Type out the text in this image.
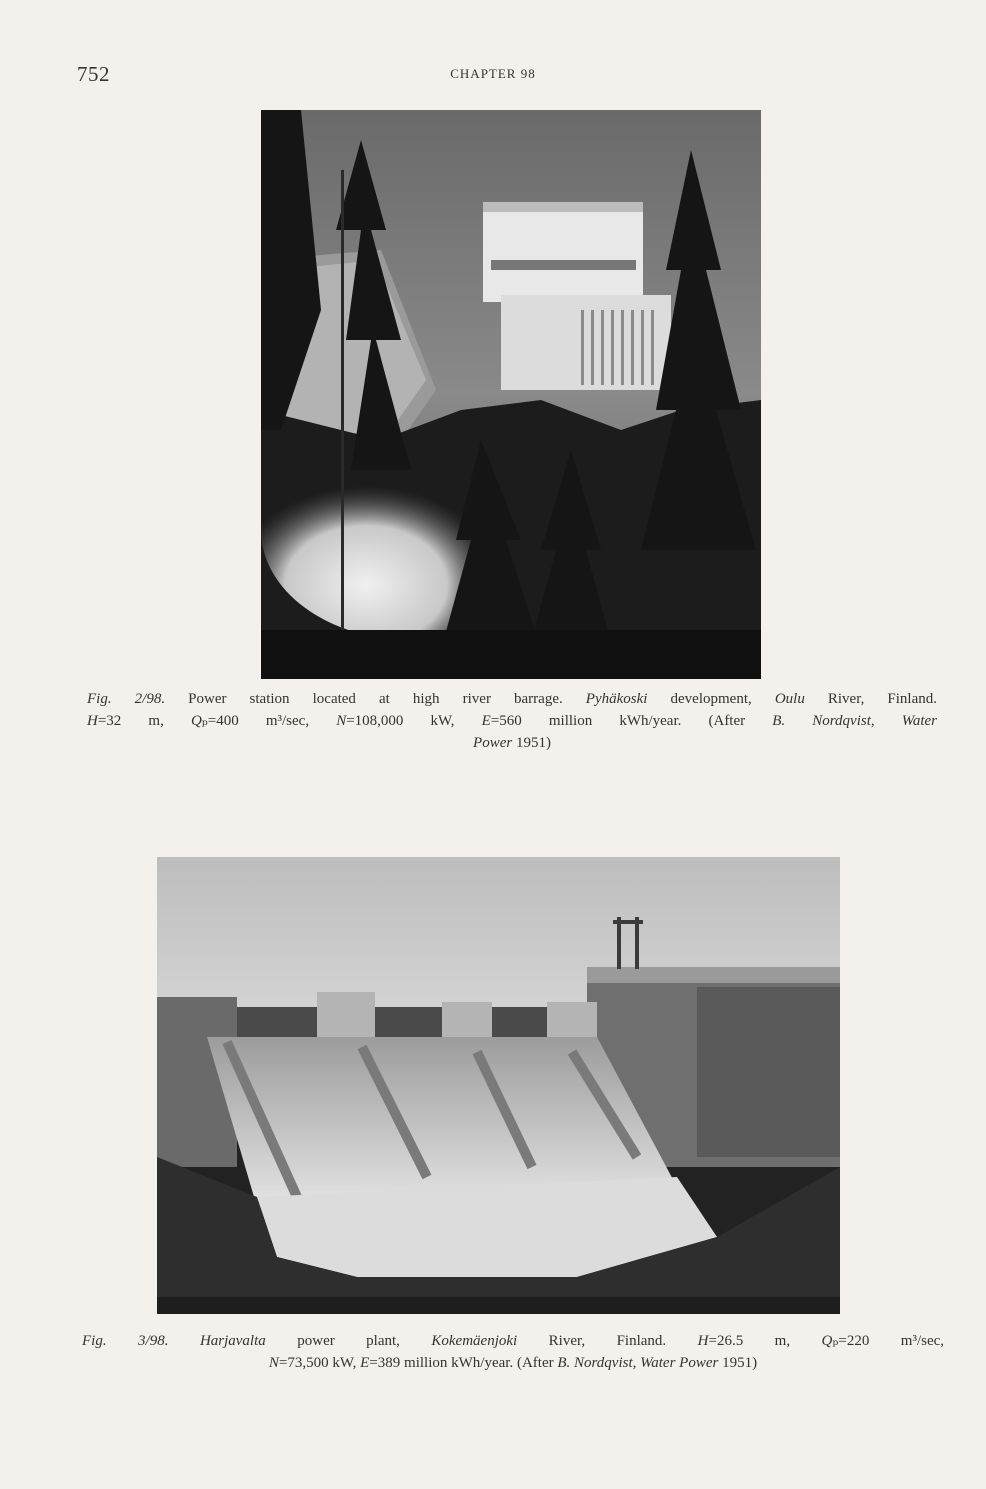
752	CHAPTER 98
Fig. 2/98. Power station located at high river barrage. Pyhäkoski development, Oulu River, Finland.
H=32 m, Qₚ=400 m³/sec, N=108,000 kW, E=560 million kWh/year. (After B. Nordqvist, Water
Power 1951)
Fig. 3/98. Harjavalta power plant, Kokemäenjoki River, Finland. H=26.5 m, Qₚ=220 m³/sec,
N=73,500 kW, E=389 million kWh/year. (After B. Nordqvist, Water Power 1951)
